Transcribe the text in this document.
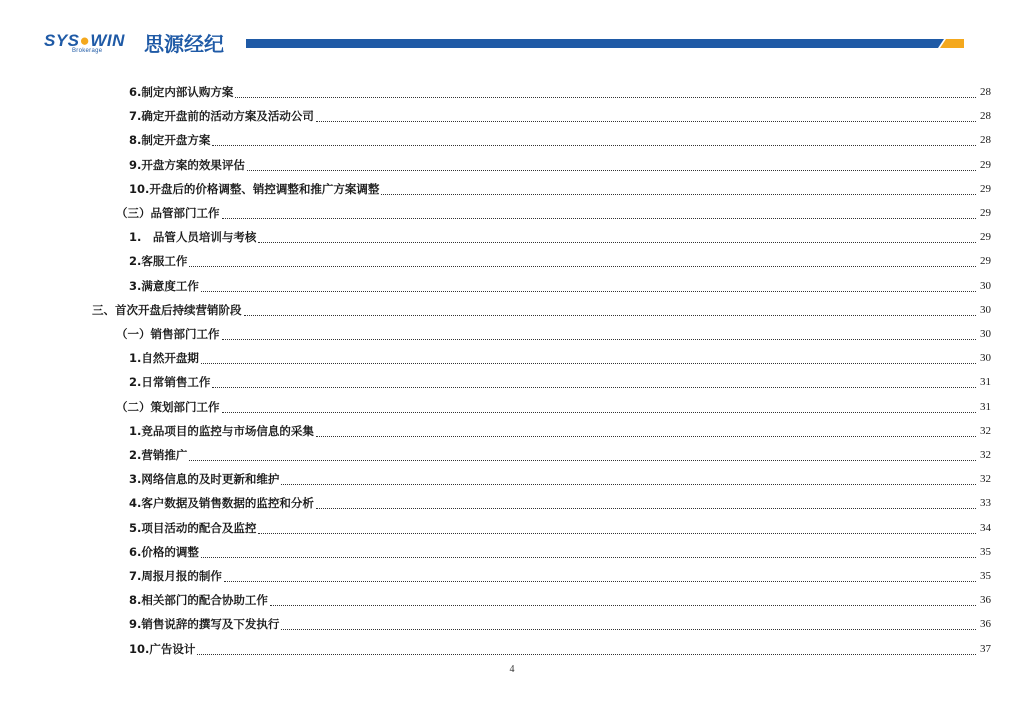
SYS●WIN
Brokerage 思源经纪
6.制定内部认购方案	28
7.确定开盘前的活动方案及活动公司	28
8.制定开盘方案	28
9.开盘方案的效果评估	29
10.开盘后的价格调整、销控调整和推广方案调整	29
（三）品管部门工作	29
1.　品管人员培训与考核	29
2.客服工作	29
3.满意度工作	30
三、首次开盘后持续营销阶段	30
（一）销售部门工作	30
1.自然开盘期	30
2.日常销售工作	31
（二）策划部门工作	31
1.竞品项目的监控与市场信息的采集	32
2.营销推广	32
3.网络信息的及时更新和维护	32
4.客户数据及销售数据的监控和分析	33
5.项目活动的配合及监控	34
6.价格的调整	35
7.周报月报的制作	35
8.相关部门的配合协助工作	36
9.销售说辞的撰写及下发执行	36
10.广告设计	37
4
